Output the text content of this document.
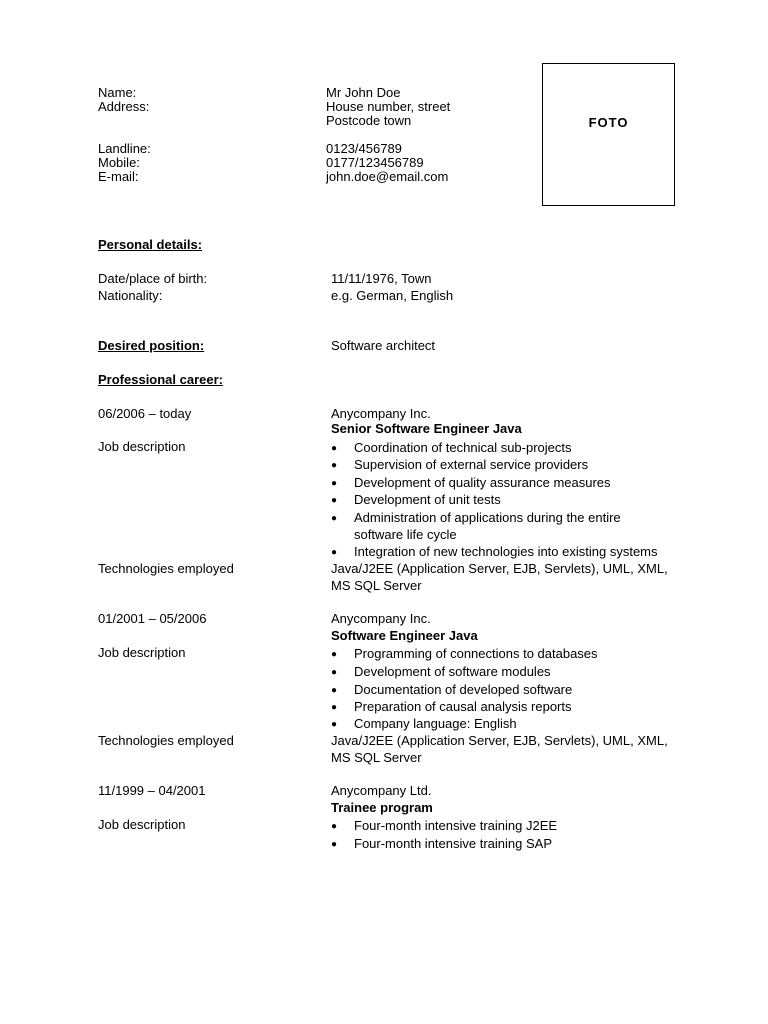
Name:	Mr John Doe
Address:	House number, street
Postcode town
Landline:	0123/456789
Mobile:	0177/123456789
E-mail:	john.doe@email.com
FOTO
Personal details:
Date/place of birth:	11/11/1976, Town
Nationality:	e.g. German, English
Desired position:	Software architect
Professional career:
06/2006 – today	Anycompany Inc.
Senior Software Engineer Java
Job description	● Coordination of technical sub-projects
● Supervision of external service providers
● Development of quality assurance measures
● Development of unit tests
● Administration of applications during the entire
software life cycle
● Integration of new technologies into existing systems
Technologies employed	Java/J2EE (Application Server, EJB, Servlets), UML, XML,
MS SQL Server
01/2001 – 05/2006	Anycompany Inc.
Software Engineer Java
Job description	● Programming of connections to databases
● Development of software modules
● Documentation of developed software
● Preparation of causal analysis reports
● Company language: English
Technologies employed	Java/J2EE (Application Server, EJB, Servlets), UML, XML,
MS SQL Server
11/1999 – 04/2001	Anycompany Ltd.
Trainee program
Job description	● Four-month intensive training J2EE
● Four-month intensive training SAP
